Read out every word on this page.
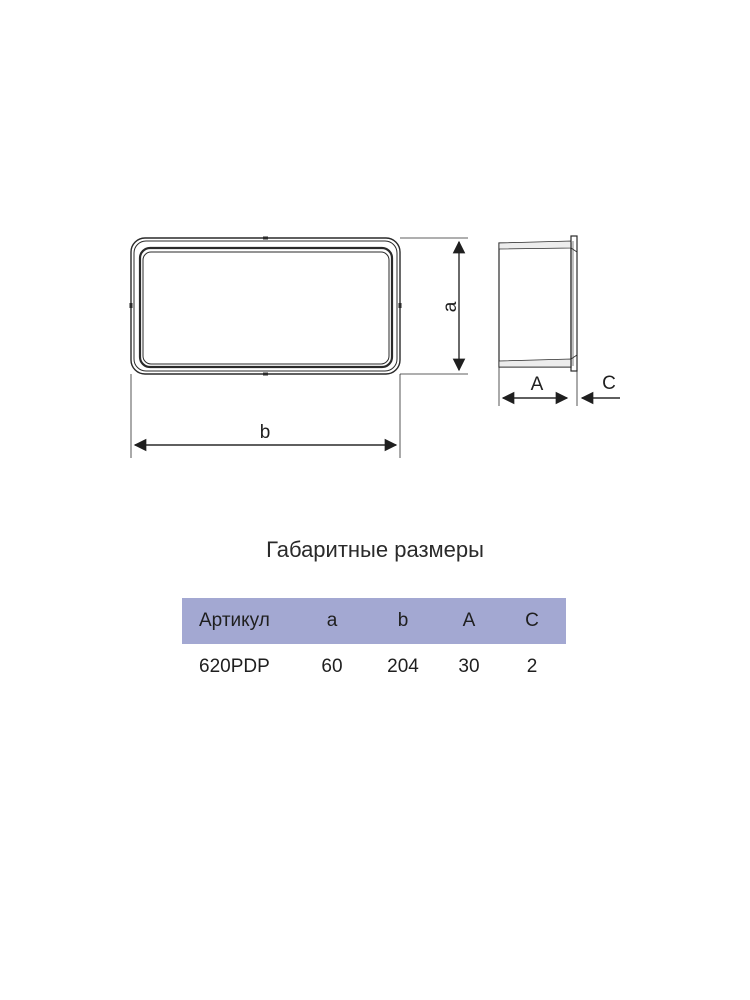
a
b
A	C
Габаритные размеры
Артикул	a	b	A	C
620PDP	60	204	30	2
